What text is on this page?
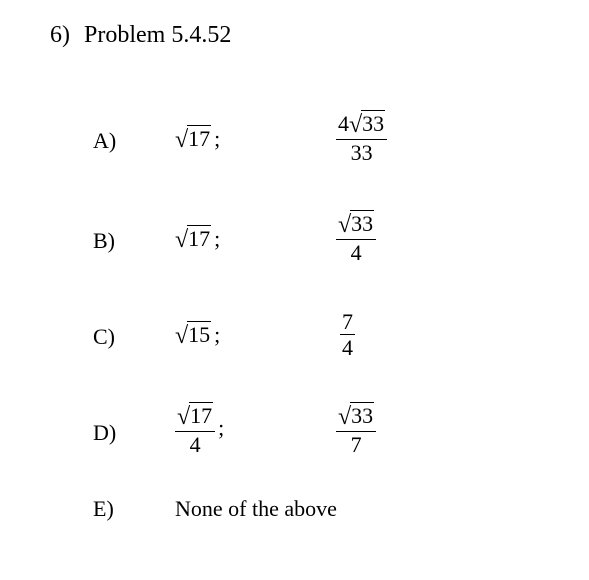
6) Problem 5.4.52
A) √17 ;	$\frac{4√33}{33}$
B)	√17 ;	$\frac{√33}{4}$
C)	√15 ;	$\frac{7}{4}$
$D) \frac{√17}{4}$ ;	$\frac{√33}{7}$
E)	None of the above
